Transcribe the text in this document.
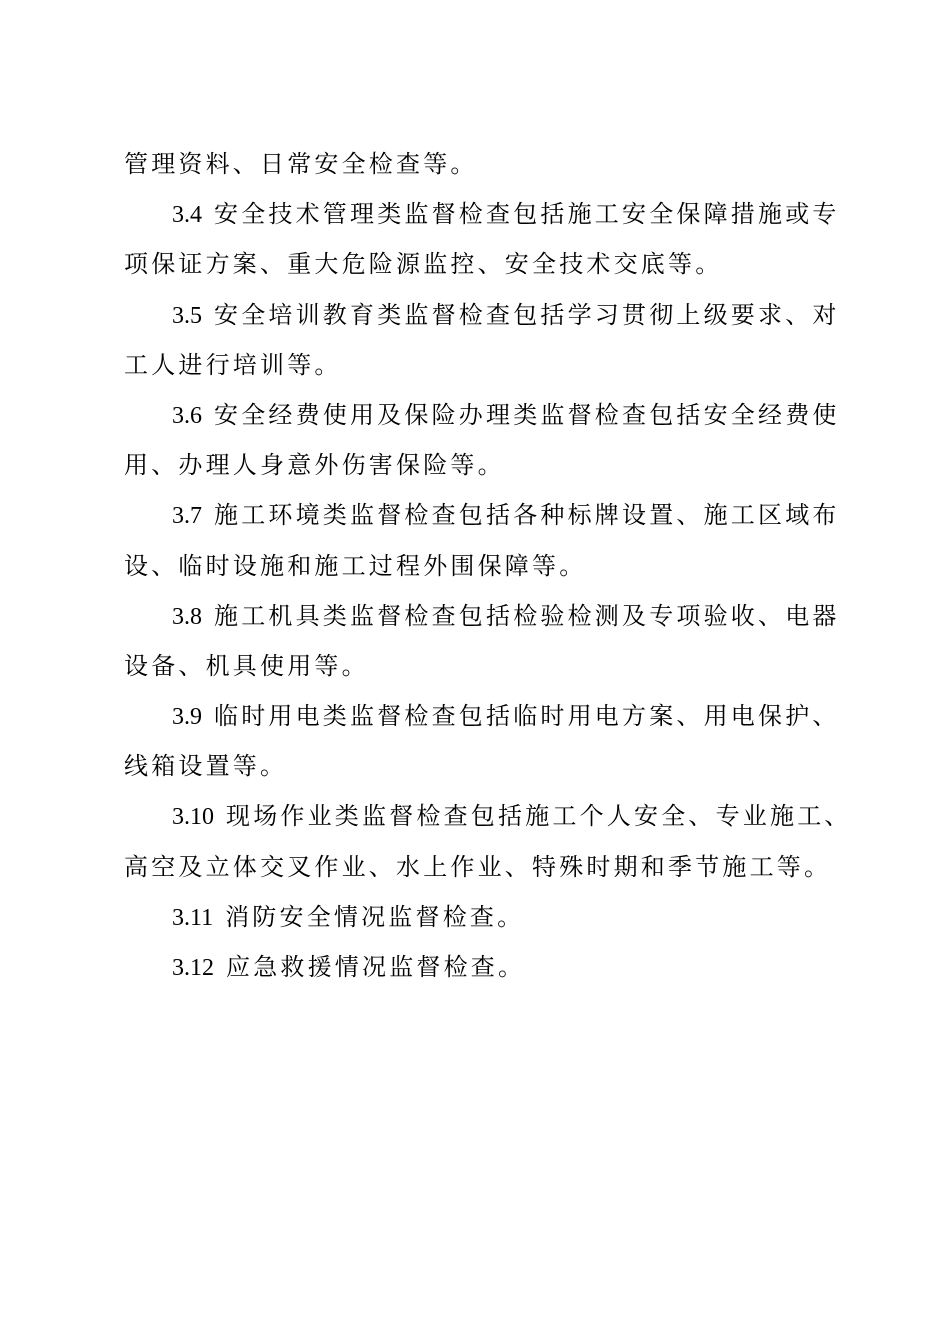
管理资料、日常安全检查等。
3.4 安全技术管理类监督检查包括施工安全保障措施或专
项保证方案、重大危险源监控、安全技术交底等。
3.5 安全培训教育类监督检查包括学习贯彻上级要求、对
工人进行培训等。
3.6 安全经费使用及保险办理类监督检查包括安全经费使
用、办理人身意外伤害保险等。
3.7 施工环境类监督检查包括各种标牌设置、施工区域布
设、临时设施和施工过程外围保障等。
3.8 施工机具类监督检查包括检验检测及专项验收、电器
设备、机具使用等。
3.9 临时用电类监督检查包括临时用电方案、用电保护、
线箱设置等。
3.10 现场作业类监督检查包括施工个人安全、专业施工、
高空及立体交叉作业、水上作业、特殊时期和季节施工等。
3.11 消防安全情况监督检查。
3.12 应急救援情况监督检查。
